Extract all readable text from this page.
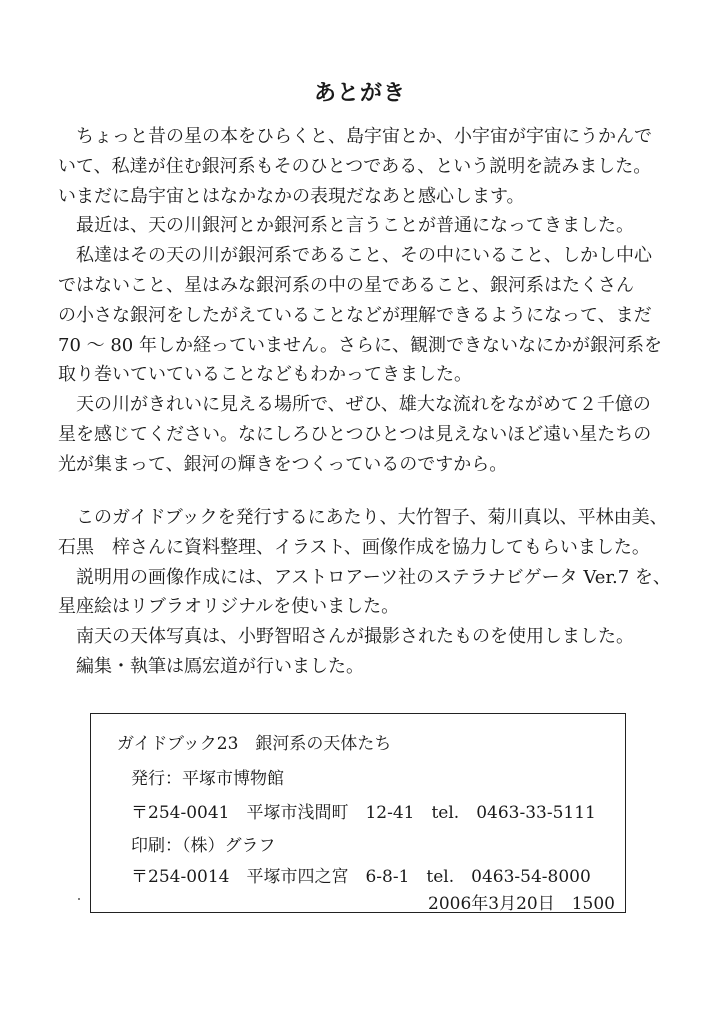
あとがき
　ちょっと昔の星の本をひらくと、島宇宙とか、小宇宙が宇宙にうかんで
いて、私達が住む銀河系もそのひとつである、という説明を読みました。
いまだに島宇宙とはなかなかの表現だなあと感心します。
　最近は、天の川銀河とか銀河系と言うことが普通になってきました。
　私達はその天の川が銀河系であること、その中にいること、しかし中心
ではないこと、星はみな銀河系の中の星であること、銀河系はたくさん
の小さな銀河をしたがえていることなどが理解できるようになって、まだ
70 ～ 80 年しか経っていません。さらに、観測できないなにかが銀河系を
取り巻いていていることなどもわかってきました。
　天の川がきれいに見える場所で、ぜひ、雄大な流れをながめて２千億の
星を感じてください。なにしろひとつひとつは見えないほど遠い星たちの
光が集まって、銀河の輝きをつくっているのですから。
　このガイドブックを発行するにあたり、大竹智子、菊川真以、平林由美、
石黒　梓さんに資料整理、イラスト、画像作成を協力してもらいました。
　説明用の画像作成には、アストロアーツ社のステラナビゲータ Ver.7 を、
星座絵はリブラオリジナルを使いました。
　南天の天体写真は、小野智昭さんが撮影されたものを使用しました。
　編集・執筆は鳫宏道が行いました。
ガイドブック23　銀河系の天体たち
発行：平塚市博物館
〒254-0041　平塚市浅間町　12-41　tel.　0463-33-5111
印刷：（株）グラフ
〒254-0014　平塚市四之宮　6-8-1　tel.　0463-54-8000
2006年3月20日　1500
